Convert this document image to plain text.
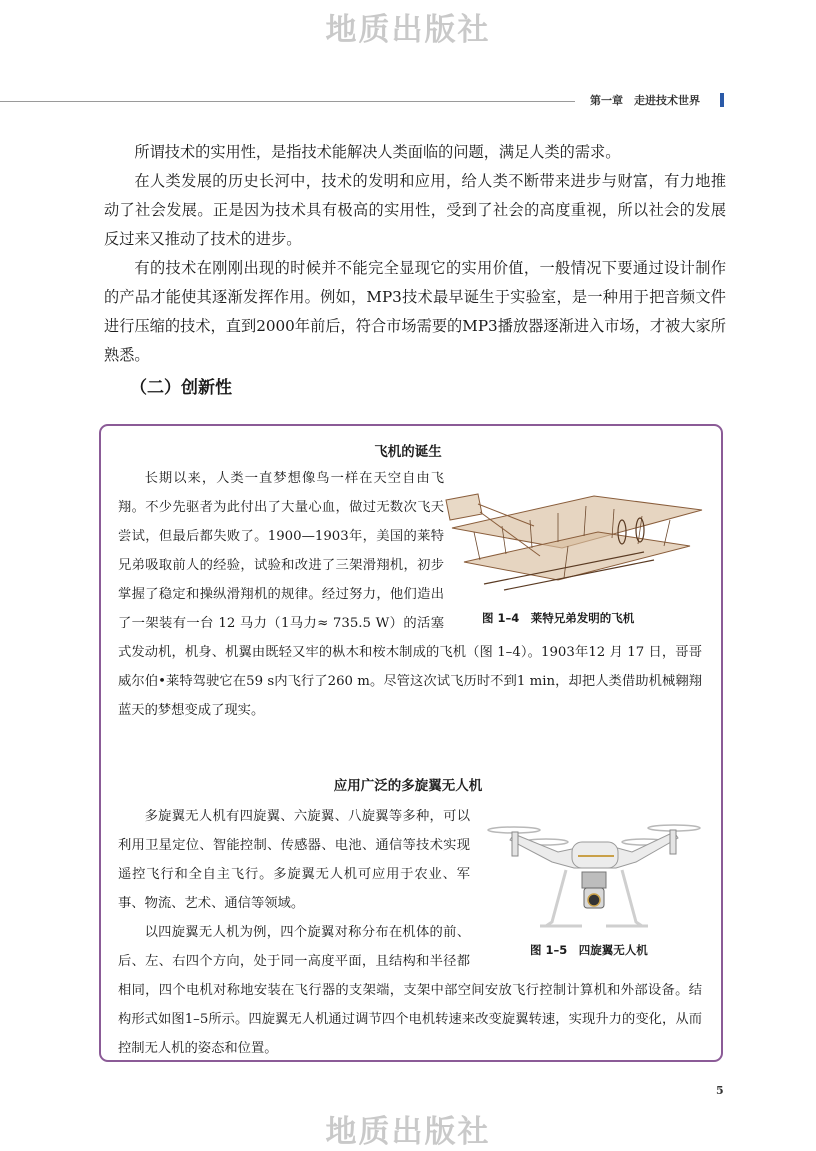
地质出版社
第一章　走进技术世界

所谓技术的实用性，是指技术能解决人类面临的问题，满足人类的需求。

在人类发展的历史长河中，技术的发明和应用，给人类不断带来进步与财富，有力地推动了社会发展。正是因为技术具有极高的实用性，受到了社会的高度重视，所以社会的发展反过来又推动了技术的进步。

有的技术在刚刚出现的时候并不能完全显现它的实用价值，一般情况下要通过设计制作的产品才能使其逐渐发挥作用。例如，MP3技术最早诞生于实验室，是一种用于把音频文件进行压缩的技术，直到2000年前后，符合市场需要的MP3播放器逐渐进入市场，才被大家所熟悉。

（二）创新性
飞机的诞生

长期以来，人类一直梦想像鸟一样在天空自由飞翔。不少先驱者为此付出了大量心血，做过无数次飞天尝试，但最后都失败了。1900—1903年，美国的莱特兄弟吸取前人的经验，试验和改进了三架滑翔机，初步掌握了稳定和操纵滑翔机的规律。经过努力，他们造出了一架装有一台 12 马力（1马力≈ 735.5 W）的活塞式发动机，机身、机翼由既轻又牢的枞木和桉木制成的飞机（图 1–4）。1903年12 月 17 日，哥哥威尔伯•莱特驾驶它在59 s内飞行了260 m。尽管这次试飞历时不到1 min，却把人类借助机械翱翔蓝天的梦想变成了现实。

图 1–4　莱特兄弟发明的飞机
应用广泛的多旋翼无人机

多旋翼无人机有四旋翼、六旋翼、八旋翼等多种，可以利用卫星定位、智能控制、传感器、电池、通信等技术实现遥控飞行和全自主飞行。多旋翼无人机可应用于农业、军事、物流、艺术、通信等领域。

以四旋翼无人机为例，四个旋翼对称分布在机体的前、后、左、右四个方向，处于同一高度平面，且结构和半径都相同，四个电机对称地安装在飞行器的支架端，支架中部空间安放飞行控制计算机和外部设备。结构形式如图1–5所示。四旋翼无人机通过调节四个电机转速来改变旋翼转速，实现升力的变化，从而控制无人机的姿态和位置。

图 1–5　四旋翼无人机
5
地质出版社
